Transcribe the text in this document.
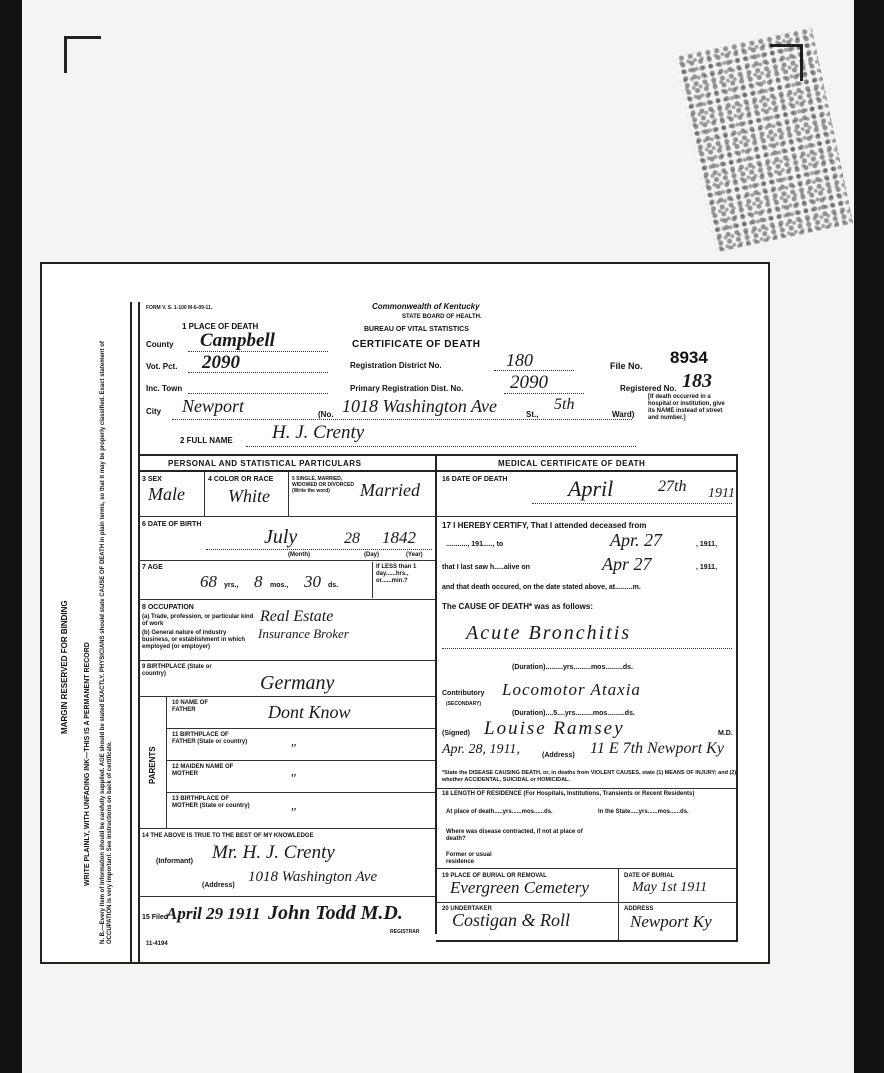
MARGIN RESERVED FOR BINDING WRITE PLAINLY, WITH UNFADING INK—THIS IS A PERMANENT RECORD N. B.—Every item of information should be carefully supplied. AGE should be stated EXACTLY. PHYSICIANS should state CAUSE OF DEATH in plain terms, so that it may be properly classified. Exact statement of OCCUPATION is very important. See instructions on back of certificate.
FORM V. S. 1-100 M-6-09-11.	Commonwealth of Kentucky
STATE BOARD OF HEALTH.
BUREAU OF VITAL STATISTICS
CERTIFICATE OF DEATH
1 PLACE OF DEATH
County Campbell
Vot. Pct. 2090
Inc. Town
City Newport	(No. 1018 Washington Ave	St.,
5th
Ward)
Registration District No.	180
Primary Registration Dist. No. 2090
File No. 8934
Registered No. 183
[If death occurred in a hospital or institution, give its NAME instead of street and number.]
2 FULL NAME H. J. Crenty
PERSONAL AND STATISTICAL PARTICULARS	MEDICAL CERTIFICATE OF DEATH
3 SEX
Male
4 COLOR OR RACE
White
5 SINGLE, MARRIED, WIDOWED OR DIVORCED (Write the word)	Married
6 DATE OF BIRTH
July	28 1842
(Month)	(Day)	(Year)
7 AGE
68 yrs., 8 mos., 30 ds.
If LESS than 1 day......hrs., or......min.?
8 OCCUPATION
(a) Trade, profession, or particular kind of work	Real Estate
(b) General nature of industry business, or establishment in which employed (or employer)
Insurance Broker
9 BIRTHPLACE (State or country)	Germany
PARENTS
10 NAME OF FATHER	Dont Know
11 BIRTHPLACE OF FATHER (State or country)	"
12 MAIDEN NAME OF MOTHER	"
13 BIRTHPLACE OF MOTHER (State or country)	"
14 THE ABOVE IS TRUE TO THE BEST OF MY KNOWLEDGE
(Informant) Mr. H. J. Crenty
(Address)
1018 Washington Ave
15 Filed
April 29 1911 John Todd M.D.
REGISTRAR
11-4194
16 DATE OF DEATH	April	27th 1911
17 I HEREBY CERTIFY, That I attended deceased from
..........., 191....., to	Apr. 27	, 1911,
that I last saw h.....alive on	Apr 27	, 1911,
and that death occured, on the date stated above, at.........m.
The CAUSE OF DEATH* was as follows:
Acute Bronchitis
(Duration).........yrs.........mos.........ds.
Contributory
(SECONDARY)
Locomotor Ataxia
(Duration)....5....yrs.........mos.........ds.
(Signed) Louise Ramsey	M.D.
Apr. 28, 1911,	(Address) 11 E 7th Newport Ky
*State the DISEASE CAUSING DEATH, or, in deaths from VIOLENT CAUSES, state (1) MEANS OF INJURY; and (2) whether ACCIDENTAL, SUICIDAL or HOMICIDAL.
18 LENGTH OF RESIDENCE (For Hospitals, Institutions, Transients or Recent Residents)
At place of death.....yrs......mos......ds.	In the State.....yrs......mos......ds.
Where was disease contracted, if not at place of death?
Former or usual residence
19 PLACE OF BURIAL OR REMOVAL
Evergreen Cemetery
DATE OF BURIAL
May 1st 1911
20 UNDERTAKER
Costigan & Roll
ADDRESS
Newport Ky
